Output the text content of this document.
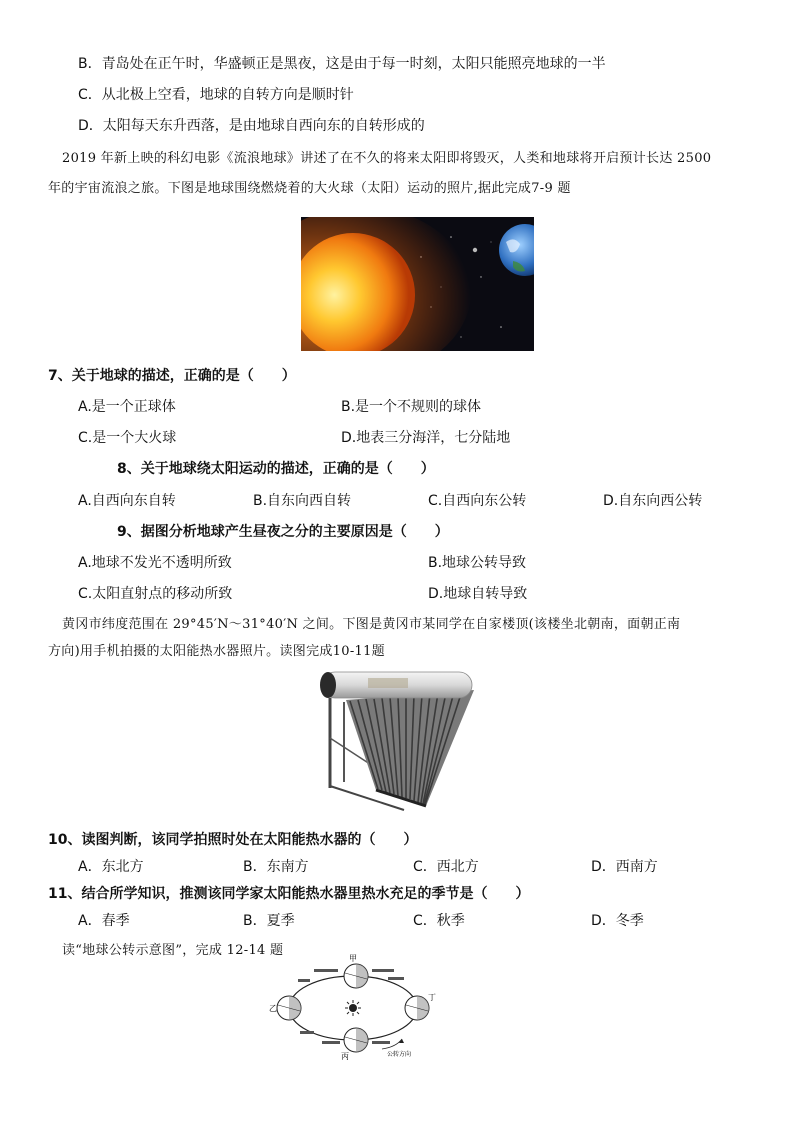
B．青岛处在正午时，华盛顿正是黑夜，这是由于每一时刻，太阳只能照亮地球的一半
C．从北极上空看，地球的自转方向是顺时针
D．太阳每天东升西落，是由地球自西向东的自转形成的
2019 年新上映的科幻电影《流浪地球》讲述了在不久的将来太阳即将毁灭，人类和地球将开启预计长达 2500
年的宇宙流浪之旅。下图是地球围绕燃烧着的大火球（太阳）运动的照片,据此完成7-9 题
7、关于地球的描述，正确的是（　　）
A.是一个正球体	B.是一个不规则的球体
C.是一个大火球	D.地表三分海洋，七分陆地
8、关于地球绕太阳运动的描述，正确的是（　　）
A.自西向东自转	B.自东向西自转	C.自西向东公转	D.自东向西公转
9、据图分析地球产生昼夜之分的主要原因是（　　）
A.地球不发光不透明所致	B.地球公转导致
C.太阳直射点的移动所致	D.地球自转导致
黄冈市纬度范围在 29°45′N～31°40′N 之间。下图是黄冈市某同学在自家楼顶(该楼坐北朝南，面朝正南
方向)用手机拍摄的太阳能热水器照片。读图完成10-11题
10、读图判断，该同学拍照时处在太阳能热水器的（　　）
A．东北方	B．东南方	C．西北方	D．西南方
11、结合所学知识，推测该同学家太阳能热水器里热水充足的季节是（　　）
A．春季	B．夏季	C．秋季	D．冬季
读“地球公转示意图”，完成 12-14 题
甲
乙
丙
丁
公转方向
